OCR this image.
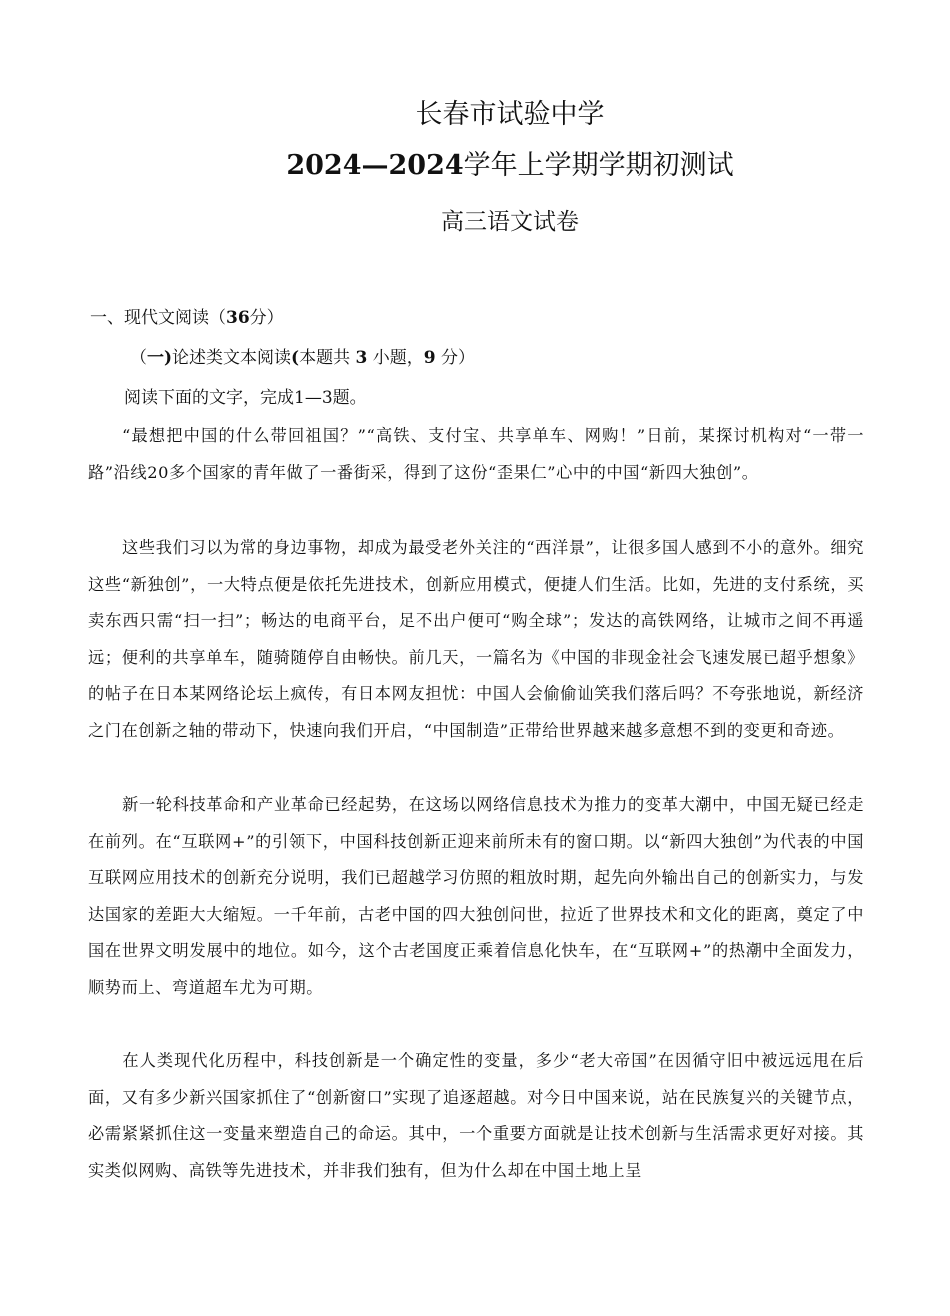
长春市试验中学
2024—2024学年上学期学期初测试
高三语文试卷
一、现代文阅读（36分）
（一)论述类文本阅读(本题共 3 小题，9 分）
阅读下面的文字，完成1—3题。
“最想把中国的什么带回祖国？”“高铁、支付宝、共享单车、网购！”日前，某探讨机构对“一带一路”沿线20多个国家的青年做了一番街采，得到了这份“歪果仁”心中的中国“新四大独创”。
这些我们习以为常的身边事物，却成为最受老外关注的“西洋景”，让很多国人感到不小的意外。细究这些“新独创”，一大特点便是依托先进技术，创新应用模式，便捷人们生活。比如，先进的支付系统，买卖东西只需“扫一扫”；畅达的电商平台，足不出户便可“购全球”；发达的高铁网络，让城市之间不再遥远；便利的共享单车，随骑随停自由畅快。前几天，一篇名为《中国的非现金社会飞速发展已超乎想象》的帖子在日本某网络论坛上疯传，有日本网友担忧：中国人会偷偷讪笑我们落后吗？不夸张地说，新经济之门在创新之轴的带动下，快速向我们开启，“中国制造”正带给世界越来越多意想不到的变更和奇迹。
新一轮科技革命和产业革命已经起势，在这场以网络信息技术为推力的变革大潮中，中国无疑已经走在前列。在“互联网+”的引领下，中国科技创新正迎来前所未有的窗口期。以“新四大独创”为代表的中国互联网应用技术的创新充分说明，我们已超越学习仿照的粗放时期，起先向外输出自己的创新实力，与发达国家的差距大大缩短。一千年前，古老中国的四大独创问世，拉近了世界技术和文化的距离，奠定了中国在世界文明发展中的地位。如今，这个古老国度正乘着信息化快车，在“互联网+”的热潮中全面发力，顺势而上、弯道超车尤为可期。
在人类现代化历程中，科技创新是一个确定性的变量，多少“老大帝国”在因循守旧中被远远甩在后面，又有多少新兴国家抓住了“创新窗口”实现了追逐超越。对今日中国来说，站在民族复兴的关键节点，必需紧紧抓住这一变量来塑造自己的命运。其中，一个重要方面就是让技术创新与生活需求更好对接。其实类似网购、高铁等先进技术，并非我们独有，但为什么却在中国土地上呈
